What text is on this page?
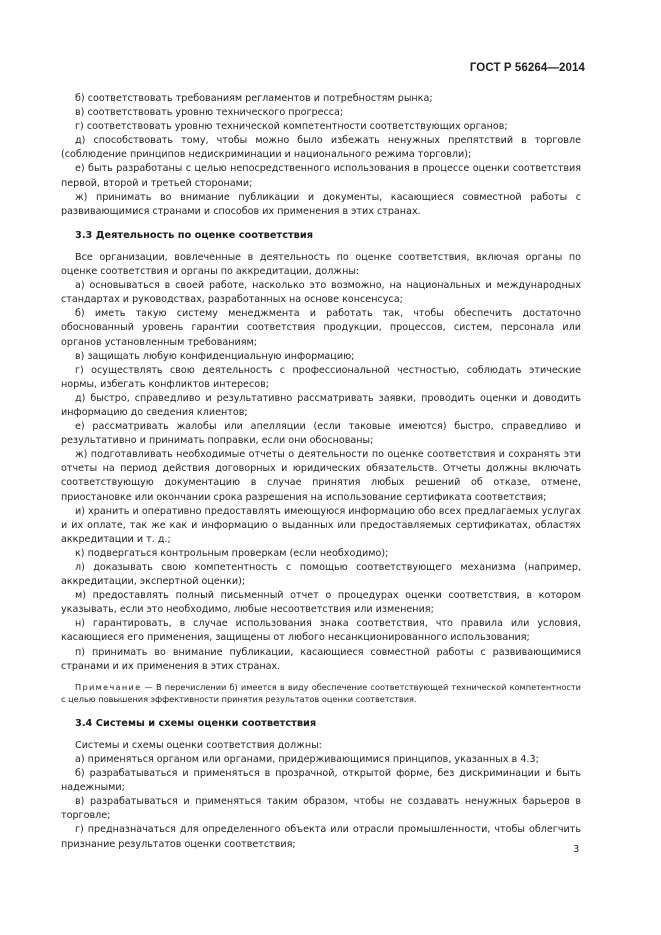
ГОСТ Р 56264—2014

б) соответствовать требованиям регламентов и потребностям рынка;

в) соответствовать уровню технического прогресса;

г) соответствовать уровню технической компетентности соответствующих органов;

д) способствовать тому, чтобы можно было избежать ненужных препятствий в торговле (соблюдение принципов недискриминации и национального режима торговли);

е) быть разработаны с целью непосредственного использования в процессе оценки соответствия первой, второй и третьей сторонами;

ж) принимать во внимание публикации и документы, касающиеся совместной работы с развивающимися странами и способов их применения в этих странах.

3.3 Деятельность по оценке соответствия

Все организации, вовлеченные в деятельность по оценке соответствия, включая органы по оценке соответствия и органы по аккредитации, должны:

а) основываться в своей работе, насколько это возможно, на национальных и международных стандартах и руководствах, разработанных на основе консенсуса;

б) иметь такую систему менеджмента и работать так, чтобы обеспечить достаточно обоснованный уровень гарантии соответствия продукции, процессов, систем, персонала или органов установленным требованиям;

в) защищать любую конфиденциальную информацию;

г) осуществлять свою деятельность с профессиональной честностью, соблюдать этические нормы, избегать конфликтов интересов;

д) быстро, справедливо и результативно рассматривать заявки, проводить оценки и доводить информацию до сведения клиентов;

е) рассматривать жалобы или апелляции (если таковые имеются) быстро, справедливо и результативно и принимать поправки, если они обоснованы;

ж) подготавливать необходимые отчеты о деятельности по оценке соответствия и сохранять эти отчеты на период действия договорных и юридических обязательств. Отчеты должны включать соответствующую документацию в случае принятия любых решений об отказе, отмене, приостановке или окончании срока разрешения на использование сертификата соответствия;

и) хранить и оперативно предоставлять имеющуюся информацию обо всех предлагаемых услугах и их оплате, так же как и информацию о выданных или предоставляемых сертификатах, областях аккредитации и т. д.;

к) подвергаться контрольным проверкам (если необходимо);

л) доказывать свою компетентность с помощью соответствующего механизма (например, аккредитации, экспертной оценки);

м) предоставлять полный письменный отчет о процедурах оценки соответствия, в котором указывать, если это необходимо, любые несоответствия или изменения;

н) гарантировать, в случае использования знака соответствия, что правила или условия, касающиеся его применения, защищены от любого несанкционированного использования;

п) принимать во внимание публикации, касающиеся совместной работы с развивающимися странами и их применения в этих странах.

Примечание — В перечислении б) имеется в виду обеспечение соответствующей технической компетентности с целью повышения эффективности принятия результатов оценки соответствия.

3.4 Системы и схемы оценки соответствия

Системы и схемы оценки соответствия должны:

а) применяться органом или органами, придерживающимися принципов, указанных в 4.3;

б) разрабатываться и применяться в прозрачной, открытой форме, без дискриминации и быть надежными;

в) разрабатываться и применяться таким образом, чтобы не создавать ненужных барьеров в торговле;

г) предназначаться для определенного объекта или отрасли промышленности, чтобы облегчить признание результатов оценки соответствия;	3
